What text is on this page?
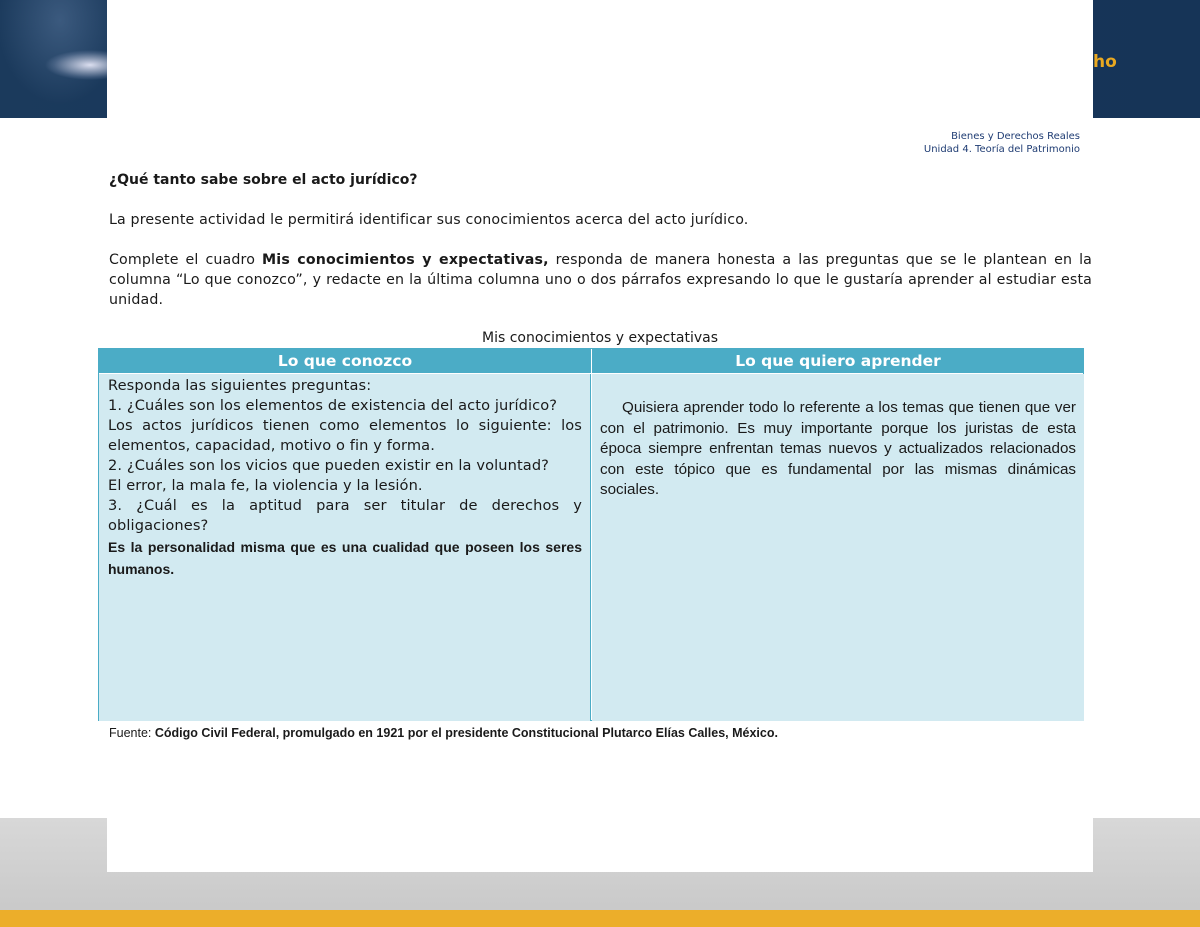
ho
Bienes y Derechos Reales
Unidad 4. Teoría del Patrimonio
¿Qué tanto sabe sobre el acto jurídico?
La presente actividad le permitirá identificar sus conocimientos acerca del acto jurídico.
Complete el cuadro Mis conocimientos y expectativas, responda de manera honesta a las preguntas que se le plantean en la columna “Lo que conozco”, y redacte en la última columna uno o dos párrafos expresando lo que le gustaría aprender al estudiar esta unidad.
Mis conocimientos y expectativas
Lo que conozco	Lo que quiero aprender
Responda las siguientes preguntas:
1. ¿Cuáles son los elementos de existencia del acto jurídico?
Los actos jurídicos tienen como elementos lo siguiente: los elementos, capacidad, motivo o fin y forma.
2. ¿Cuáles son los vicios que pueden existir en la voluntad?
El error, la mala fe, la violencia y la lesión.
3. ¿Cuál es la aptitud para ser titular de derechos y obligaciones?
Es la personalidad misma que es una cualidad que poseen los seres humanos.

Quisiera aprender todo lo referente a los temas que tienen que ver con el patrimonio. Es muy importante porque los juristas de esta época siempre enfrentan temas nuevos y actualizados relacionados con este tópico que es fundamental por las mismas dinámicas sociales.

Fuente: Código Civil Federal, promulgado en 1921 por el presidente Constitucional Plutarco Elías Calles, México.
